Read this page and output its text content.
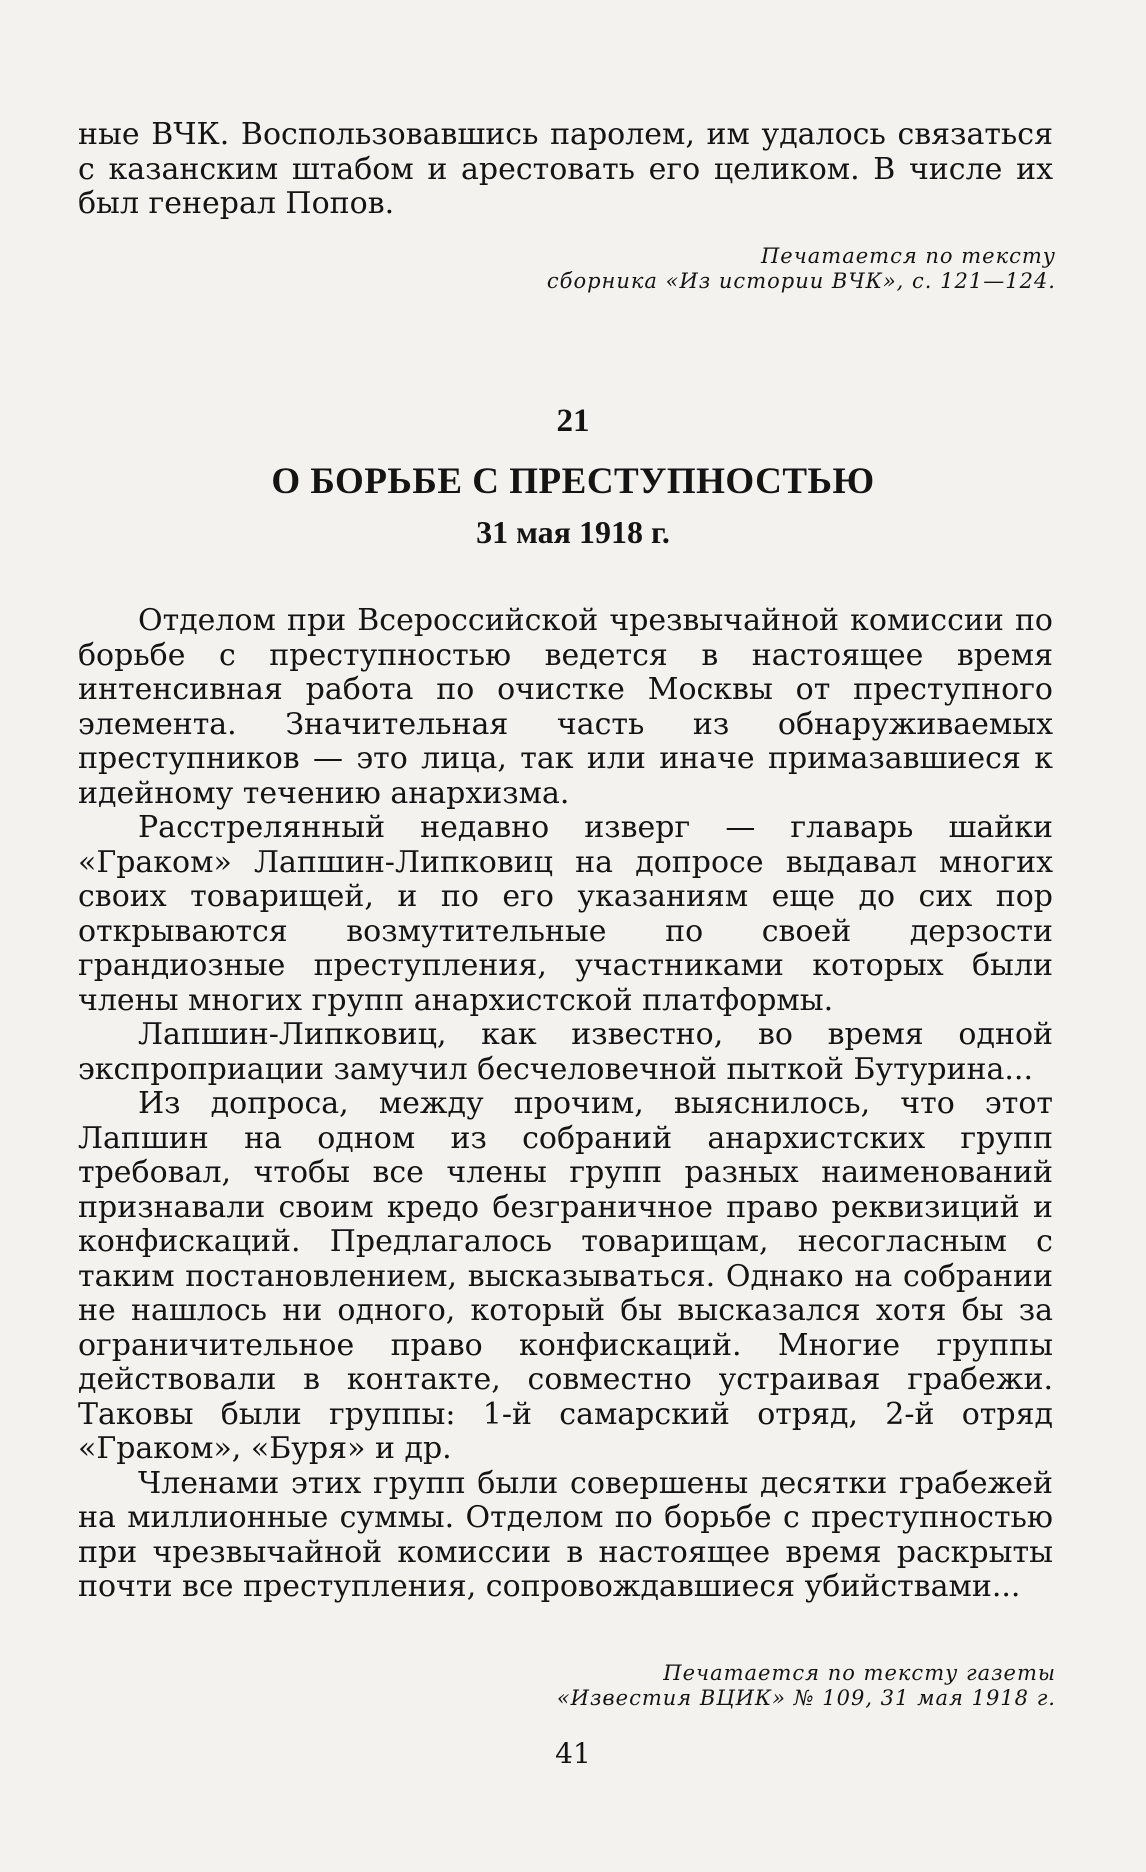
ные ВЧК. Воспользовавшись паролем, им удалось связаться с казанским штабом и арестовать его целиком. В числе их был генерал Попов.

Печатается по тексту
сборника «Из истории ВЧК», с. 121—124.
21
О БОРЬБЕ С ПРЕСТУПНОСТЬЮ
31 мая 1918 г.

Отделом при Всероссийской чрезвычайной комиссии по борьбе с преступностью ведется в настоящее время интенсивная работа по очистке Москвы от преступного элемента. Значительная часть из обнаруживаемых преступников — это лица, так или иначе примазавшиеся к идейному течению анархизма.

Расстрелянный недавно изверг — главарь шайки «Граком» Лапшин-Липковиц на допросе выдавал многих своих товарищей, и по его указаниям еще до сих пор открываются возмутительные по своей дерзости грандиозные преступления, участниками которых были члены многих групп анархистской платформы.

Лапшин-Липковиц, как известно, во время одной экспроприации замучил бесчеловечной пыткой Бутурина...

Из допроса, между прочим, выяснилось, что этот Лапшин на одном из собраний анархистских групп требовал, чтобы все члены групп разных наименований признавали своим кредо безграничное право реквизиций и конфискаций. Предлагалось товарищам, несогласным с таким постановлением, высказываться. Однако на собрании не нашлось ни одного, который бы высказался хотя бы за ограничительное право конфискаций. Многие группы действовали в контакте, совместно устраивая грабежи. Таковы были группы: 1-й самарский отряд, 2-й отряд «Граком», «Буря» и др.

Членами этих групп были совершены десятки грабежей на миллионные суммы. Отделом по борьбе с преступностью при чрезвычайной комиссии в настоящее время раскрыты почти все преступления, сопровождавшиеся убийствами...

Печатается по тексту газеты
«Известия ВЦИК» № 109, 31 мая 1918 г.
41
